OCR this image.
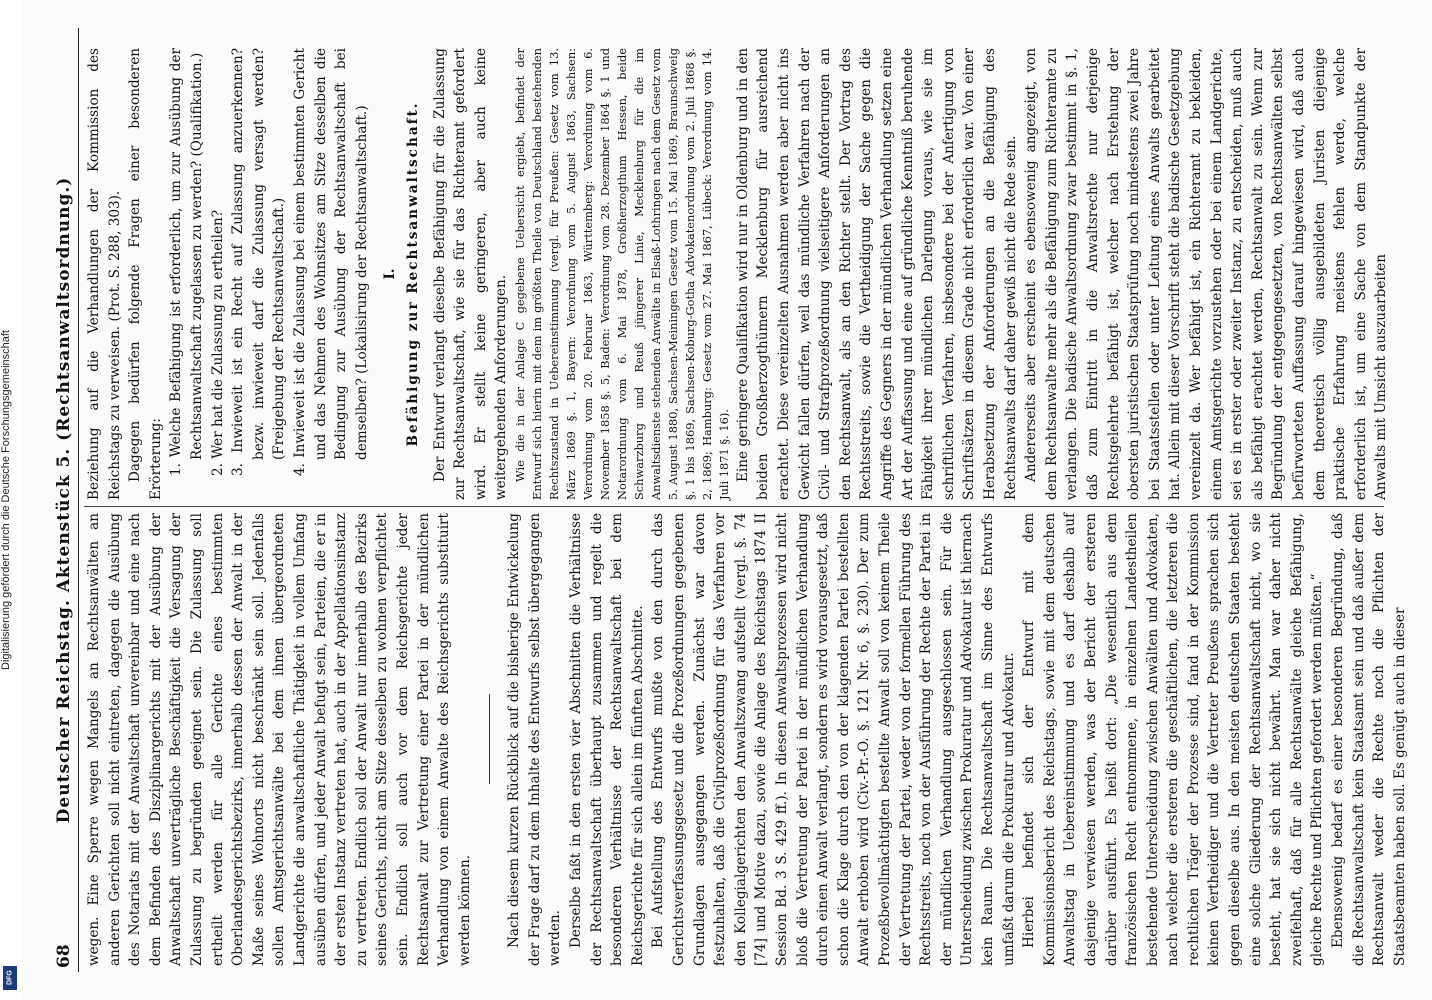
Digitalisierung gefördert durch die Deutsche Forschungsgemeinschaft
DFG
68
Deutscher Reichstag. Aktenstück 5. (Rechtsanwaltsordnung.) wegen. Eine Sperre wegen Mangels an Rechtsanwälten an anderen Gerichten soll nicht eintreten, dagegen die Ausübung des Notariats mit der Anwaltschaft unvereinbar und eine nach dem Befinden des Disziplinargerichts mit der Ausübung der Anwaltschaft unverträgliche Beschäftigkeit die Versagung der Zulassung zu begründen geeignet sein. Die Zulassung soll ertheilt werden für alle Gerichte eines bestimmten Oberlandesgerichtsbezirks, innerhalb dessen der Anwalt in der Maße seines Wohnorts nicht beschränkt sein soll. Jedenfalls sollen Amtsgerichtsanwälte bei dem ihnen übergeordneten Landgerichte die anwaltschaftliche Thätigkeit in vollem Umfang ausüben dürfen, und jeder Anwalt befugt sein, Parteien, die er in der ersten Instanz vertreten hat, auch in der Appellationsinstanz zu vertreten. Endlich soll der Anwalt nur innerhalb des Bezirks seines Gerichts, nicht am Sitze desselben zu wohnen verpflichtet sein. Endlich soll auch vor dem Reichsgerichte jeder Rechtsanwalt zur Vertretung einer Partei in der mündlichen Verhandlung von einem Anwalte des Reichsgerichts substituirt werden können. Nach diesem kurzen Rückblick auf die bisherige Entwickelung der Frage darf zu dem Inhalte des Entwurfs selbst übergegangen werden. Derselbe faßt in den ersten vier Abschnitten die Verhältnisse der Rechtsanwaltschaft überhaupt zusammen und regelt die besonderen Verhältnisse der Rechtsanwaltschaft bei dem Reichsgerichte für sich allein im fünften Abschnitte. Bei Aufstellung des Entwurfs mußte von den durch das Gerichtsverfassungsgesetz und die Prozeßordnungen gegebenen Grundlagen ausgegangen werden. Zunächst war davon festzuhalten, daß die Civilprozeßordnung für das Verfahren vor den Kollegialgerichten den Anwaltszwang aufstellt (vergl. §. 74 [74] und Motive dazu, sowie die Anlage des Reichstags 1874 II Session Bd. 3 S. 429 ff.). In diesen Anwaltsprozessen wird nicht bloß die Vertretung der Partei in der mündlichen Verhandlung durch einen Anwalt verlangt, sondern es wird vorausgesetzt, daß schon die Klage durch den von der klagenden Partei bestellten Anwalt erhoben wird (Civ.-Pr.-O. §. 121 Nr. 6, §. 230). Der zum Prozeßbevollmächtigten bestellte Anwalt soll von keinem Theile der Vertretung der Partei, weder von der formellen Führung des Rechtsstreits, noch von der Ausführung der Rechte der Partei in der mündlichen Verhandlung ausgeschlossen sein. Für die Unterscheidung zwischen Prokuratur und Advokatur ist hiernach kein Raum. Die Rechtsanwaltschaft im Sinne des Entwurfs umfaßt darum die Prokuratur und Advokatur. Hierbei befindet sich der Entwurf mit dem Kommissionsbericht des Reichstags, sowie mit dem deutschen Anwaltstag in Uebereinstimmung und es darf deshalb auf dasjenige verwiesen werden, was der Bericht der ersteren darüber ausführt. Es heißt dort: „Die wesentlich aus dem französischen Recht entnommene, in einzelnen Landestheilen bestehende Unterscheidung zwischen Anwälten und Advokaten, nach welcher die ersteren die geschäftlichen, die letzteren die rechtlichen Träger der Prozesse sind, fand in der Kommission keinen Vertheidiger und die Vertreter Preußens sprachen sich gegen dieselbe aus. In den meisten deutschen Staaten besteht eine solche Gliederung der Rechtsanwaltschaft nicht, wo sie besteht, hat sie sich nicht bewährt. Man war daher nicht zweifelhaft, daß für alle Rechtsanwälte gleiche Befähigung, gleiche Rechte und Pflichten gefordert werden müßten.“ Ebensowenig bedarf es einer besonderen Begründung, daß die Rechtsanwaltschaft kein Staatsamt sein und daß außer dem Rechtsanwalt weder die Rechte noch die Pflichten der Staatsbeamten haben soll. Es genügt auch in dieser

Beziehung auf die Verhandlungen der Kommission des Reichstags zu verweisen. (Prot. S. 288, 303). Dagegen bedürfen folgende Fragen einer besonderen Erörterung: 1. Welche Befähigung ist erforderlich, um zur Ausübung der Rechtsanwaltschaft zugelassen zu werden? (Qualifikation.) 2. Wer hat die Zulassung zu ertheilen? 3. Inwieweit ist ein Recht auf Zulassung anzuerkennen? bezw. inwieweit darf die Zulassung versagt werden? (Freigebung der Rechtsanwaltschaft.) 4. Inwieweit ist die Zulassung bei einem bestimmten Gericht und das Nehmen des Wohnsitzes am Sitze desselben die Bedingung zur Ausübung der Rechtsanwaltschaft bei demselben? (Lokalisirung der Rechtsanwaltschaft.) I. Befähigung zur Rechtsanwaltschaft. Der Entwurf verlangt dieselbe Befähigung für die Zulassung zur Rechtsanwaltschaft, wie sie für das Richteramt gefordert wird. Er stellt keine geringeren, aber auch keine weitergehenden Anforderungen. Wie die in der Anlage C gegebene Uebersicht ergiebt, befindet der Entwurf sich hierin mit dem im größten Theile von Deutschland bestehenden Rechtszustand in Uebereinstimmung (vergl. für Preußen: Gesetz vom 13. März 1869 §. 1, Bayern: Verordnung vom 5. August 1863, Sachsen: Verordnung vom 20. Februar 1863, Württemberg: Verordnung vom 6. November 1858 §. 5, Baden: Verordnung vom 28. Dezember 1864 §. 1 und Notarordnung vom 6. Mai 1878, Großherzogthum Hessen, beide Schwarzburg und Reuß jüngerer Linie, Mecklenburg für die im Anwaltsdienste stehenden Anwälte in Elsaß-Lothringen nach dem Gesetz vom 5. August 1880, Sachsen-Meiningen Gesetz vom 15. Mai 1869, Braunschweig §. 1 bis 1869, Sachsen-Koburg-Gotha Advokatenordnung vom 2. Juli 1868 §. 2, 1869; Hamburg: Gesetz vom 27. Mai 1867, Lübeck: Verordnung vom 14. Juli 1871 §. 16). Eine geringere Qualifikation wird nur in Oldenburg und in den beiden Großherzogthümern Mecklenburg für ausreichend erachtet. Diese vereinzelten Ausnahmen werden aber nicht ins Gewicht fallen dürfen, weil das mündliche Verfahren nach der Civil- und Strafprozeßordnung vielseitigere Anforderungen an den Rechtsanwalt, als an den Richter stellt. Der Vortrag des Rechtsstreits, sowie die Vertheidigung der Sache gegen die Angriffe des Gegners in der mündlichen Verhandlung setzen eine Art der Auffassung und eine auf gründliche Kenntniß beruhende Fähigkeit ihrer mündlichen Darlegung voraus, wie sie im schriftlichen Verfahren, insbesondere bei der Anfertigung von Schriftsätzen in diesem Grade nicht erforderlich war. Von einer Herabsetzung der Anforderungen an die Befähigung des Rechtsanwalts darf daher gewiß nicht die Rede sein. Andererseits aber erscheint es ebensowenig angezeigt, von dem Rechtsanwalte mehr als die Befähigung zum Richteramte zu verlangen. Die badische Anwaltsordnung zwar bestimmt in §. 1, daß zum Eintritt in die Anwaltsrechte nur derjenige Rechtsgelehrte befähigt ist, welcher nach Erstehung der obersten juristischen Staatsprüfung noch mindestens zwei Jahre bei Staatsstellen oder unter Leitung eines Anwalts gearbeitet hat. Allein mit dieser Vorschrift steht die badische Gesetzgebung vereinzelt da. Wer befähigt ist, ein Richteramt zu bekleiden, einem Amtsgerichte vorzustehen oder bei einem Landgerichte, sei es in erster oder zweiter Instanz, zu entscheiden, muß auch als befähigt erachtet werden, Rechtsanwalt zu sein. Wenn zur Begründung der entgegengesetzten, von Rechtsanwälten selbst befürworteten Auffassung darauf hingewiesen wird, daß auch dem theoretisch völlig ausgebildeten Juristen diejenige praktische Erfahrung meistens fehlen werde, welche erforderlich ist, um eine Sache von dem Standpunkte der Anwalts mit Umsicht auszuarbeiten
